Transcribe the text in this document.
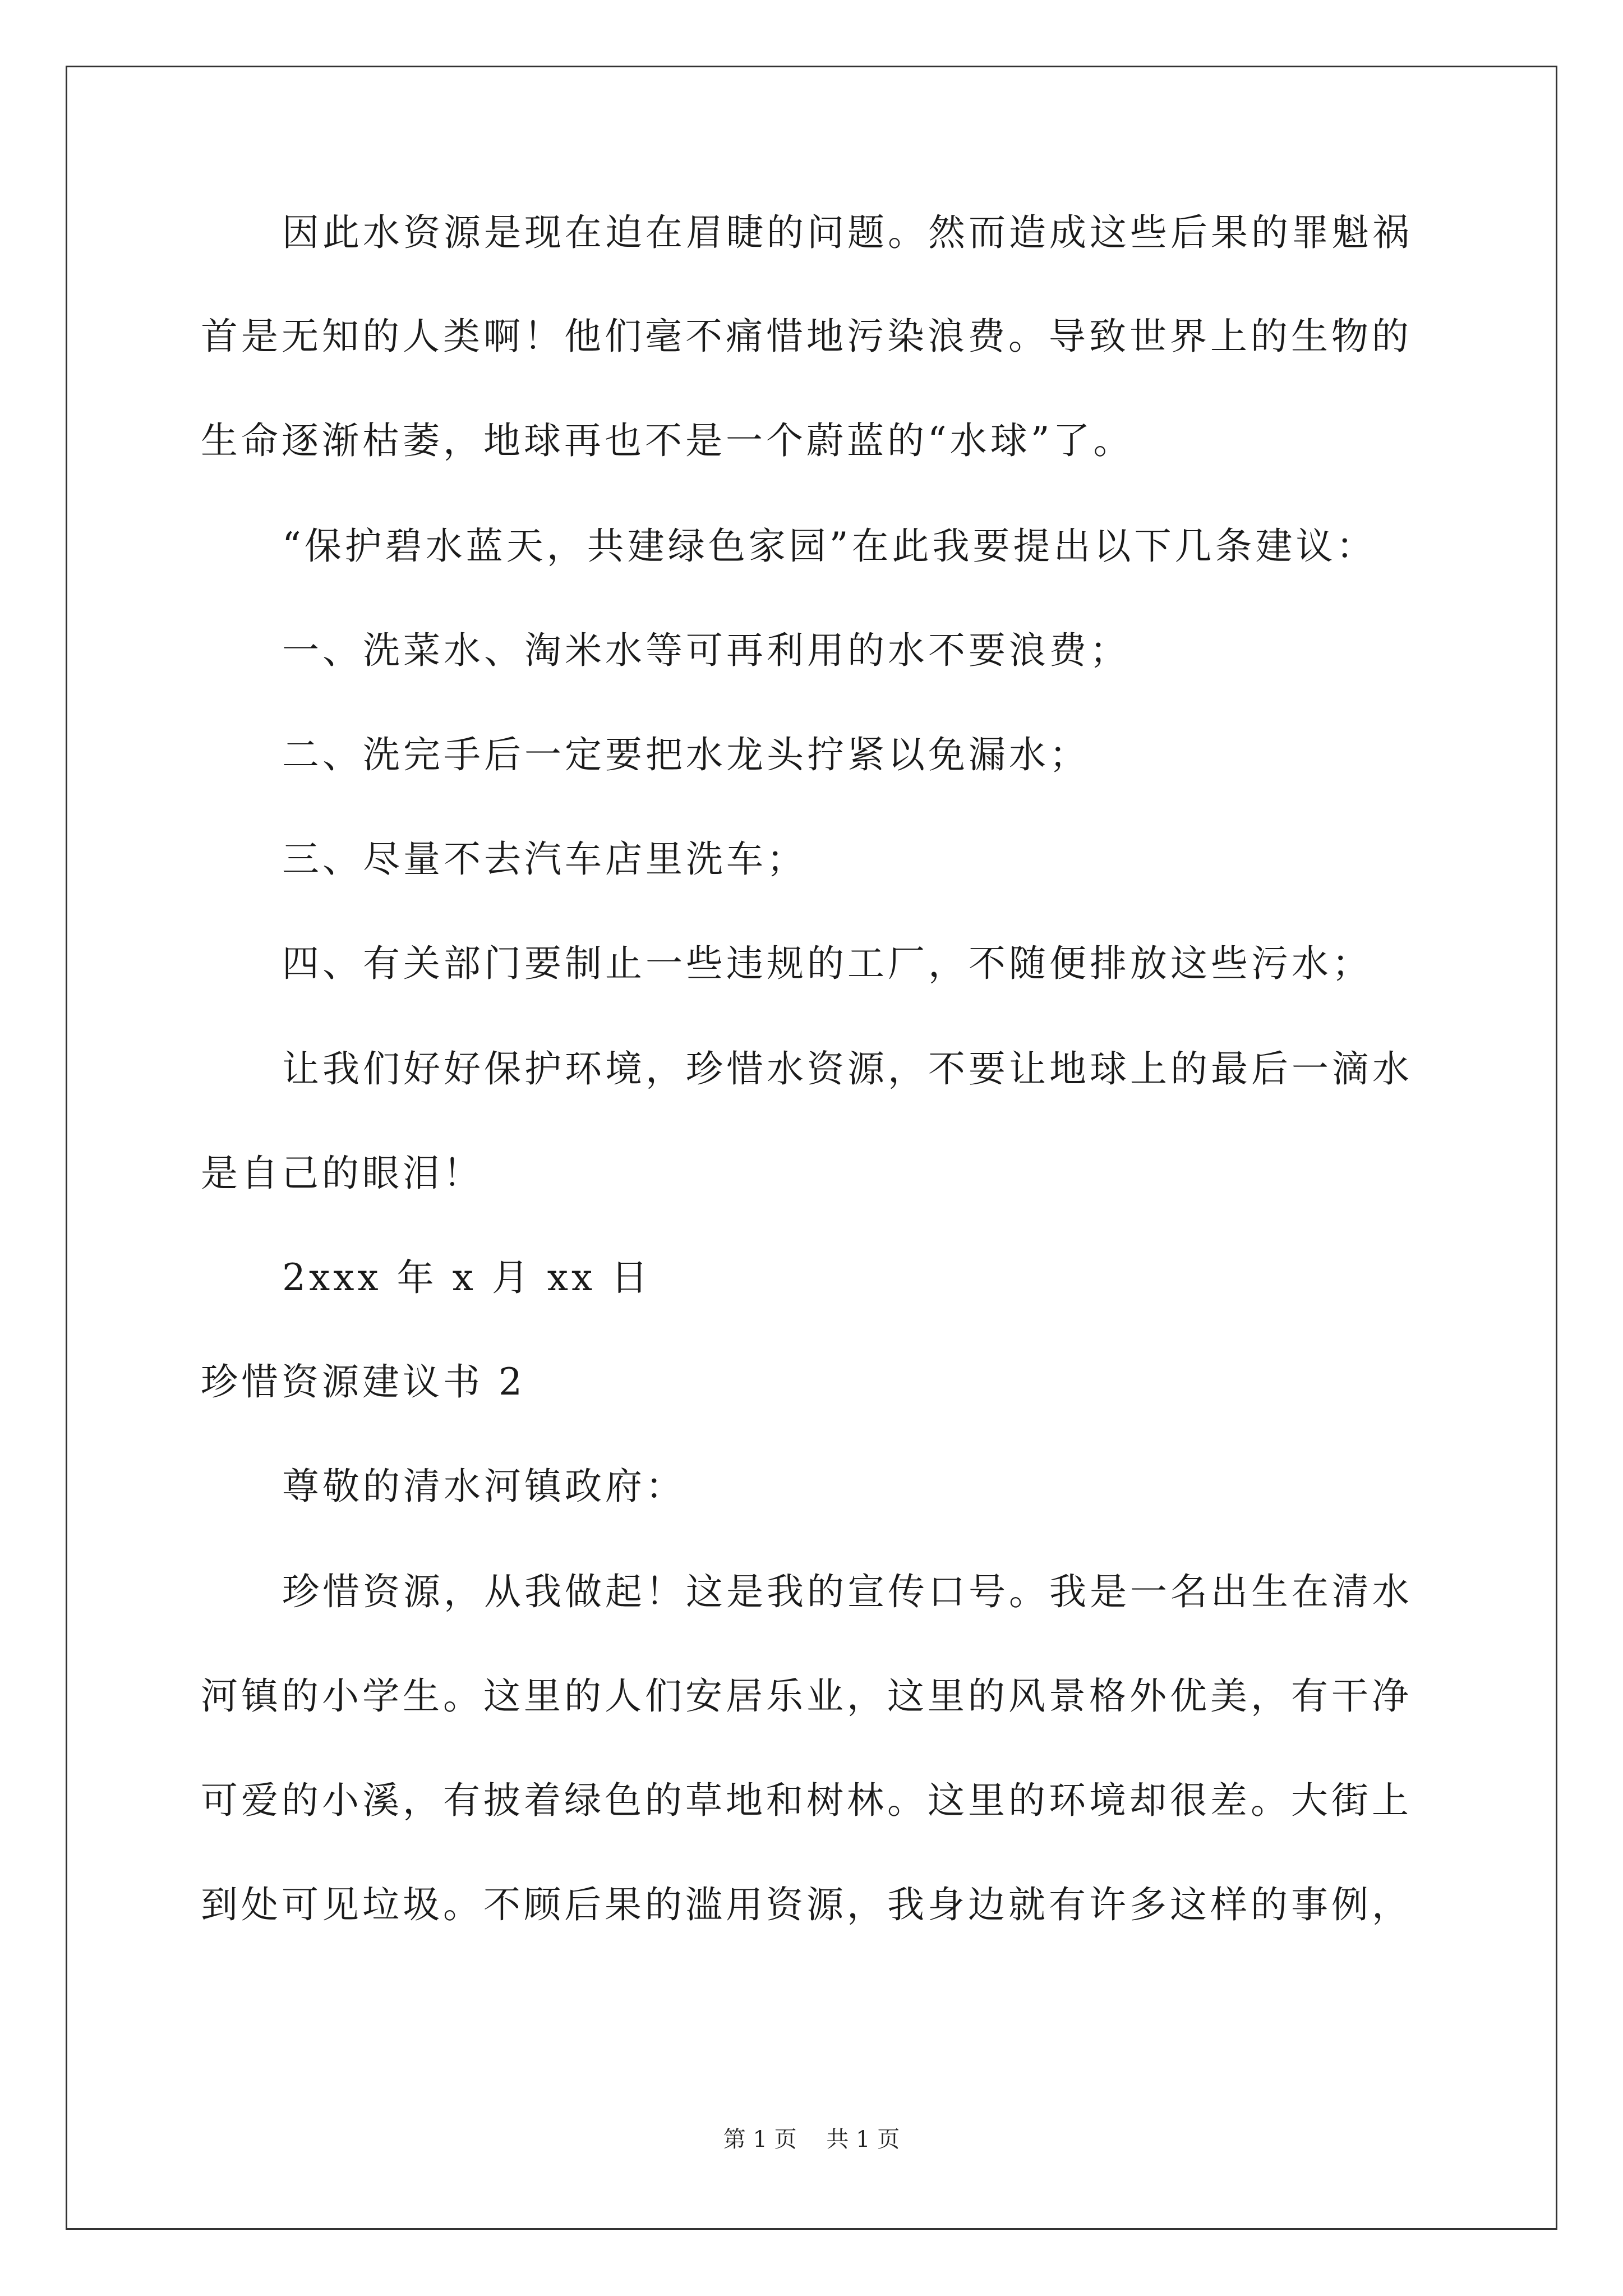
因此水资源是现在迫在眉睫的问题。然而造成这些后果的罪魁祸

首是无知的人类啊！他们毫不痛惜地污染浪费。导致世界上的生物的

生命逐渐枯萎，地球再也不是一个蔚蓝的“水球”了。

“保护碧水蓝天，共建绿色家园”在此我要提出以下几条建议：

一、洗菜水、淘米水等可再利用的水不要浪费；

二、洗完手后一定要把水龙头拧紧以免漏水；

三、尽量不去汽车店里洗车；

四、有关部门要制止一些违规的工厂，不随便排放这些污水；

让我们好好保护环境，珍惜水资源，不要让地球上的最后一滴水

是自己的眼泪！

2xxx 年 x 月 xx 日

珍惜资源建议书 2

尊敬的清水河镇政府：

珍惜资源，从我做起！这是我的宣传口号。我是一名出生在清水

河镇的小学生。这里的人们安居乐业，这里的风景格外优美，有干净

可爱的小溪，有披着绿色的草地和树林。这里的环境却很差。大街上

到处可见垃圾。不顾后果的滥用资源，我身边就有许多这样的事例，

第 1 页 共 1 页
